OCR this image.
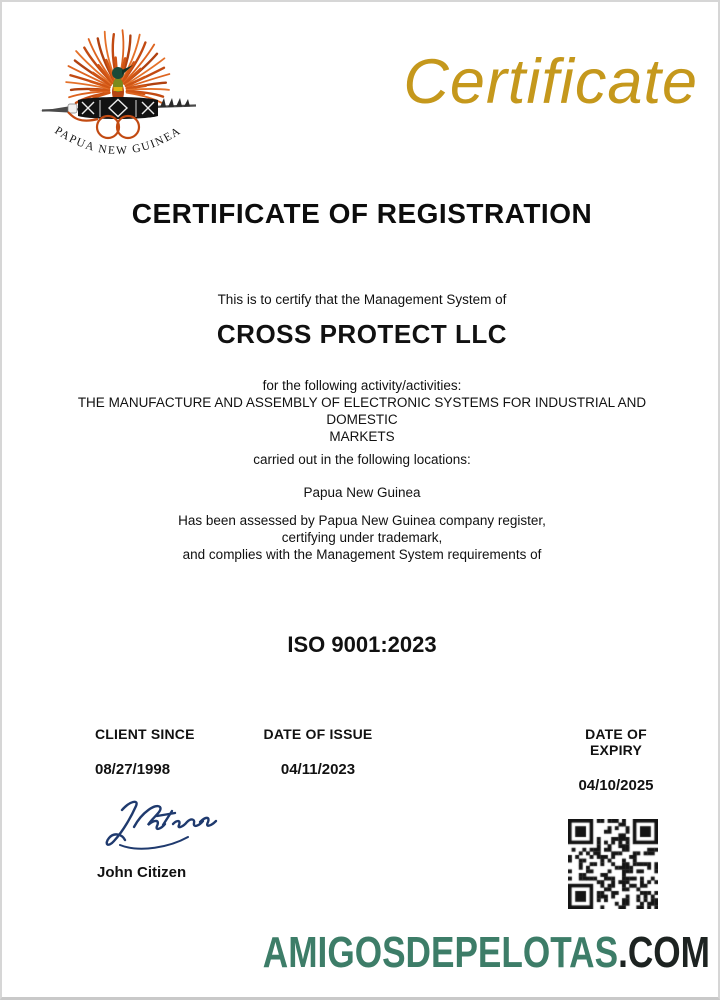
PAPUA NEW GUINEA
Certificate
CERTIFICATE OF REGISTRATION
This is to certify that the Management System of
CROSS PROTECT LLC
for the following activity/activities:
THE MANUFACTURE AND ASSEMBLY OF ELECTRONIC SYSTEMS FOR INDUSTRIAL AND
DOMESTIC
MARKETS
carried out in the following locations:
Papua New Guinea
Has been assessed by Papua New Guinea company register,
certifying under trademark,
and complies with the Management System requirements of
ISO 9001:2023
CLIENT SINCE
08/27/1998
DATE OF ISSUE
04/11/2023
DATE OF EXPIRY
04/10/2025
John Citizen
AMIGOSDEPELOTAS.COM
